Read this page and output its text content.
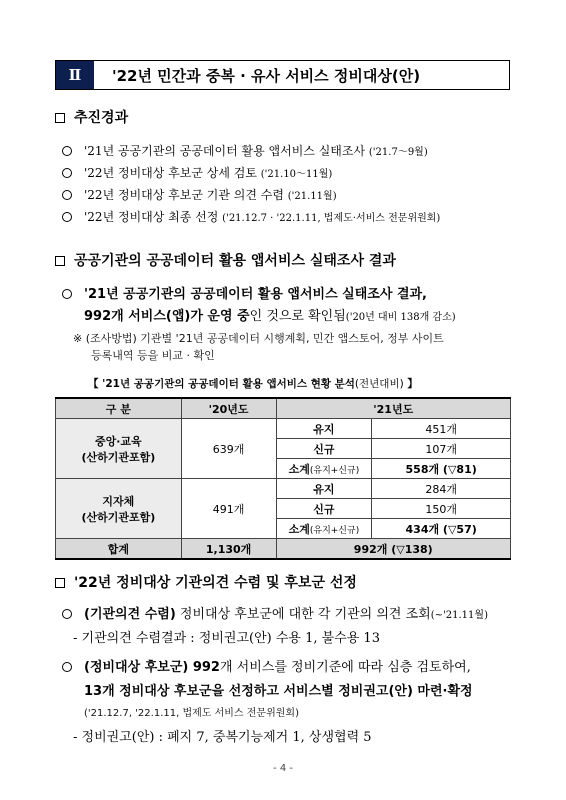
Ⅱ	'22년 민간과 중복 · 유사 서비스 정비대상(안)
추진경과
'21년 공공기관의 공공데이터 활용 앱서비스 실태조사 ('21.7～9월)
'22년 정비대상 후보군 상세 검토 ('21.10～11월)
'22년 정비대상 후보군 기관 의견 수렴 ('21.11월)
'22년 정비대상 최종 선정 ('21.12.7 · '22.1.11, 법제도·서비스 전문위원회)
공공기관의 공공데이터 활용 앱서비스 실태조사 결과
'21년 공공기관의 공공데이터 활용 앱서비스 실태조사 결과,
992개 서비스(앱)가 운영 중인 것으로 확인됨('20년 대비 138개 감소)
※ (조사방법) 기관별 '21년 공공데이터 시행계획, 민간 앱스토어, 정부 사이트
등록내역 등을 비교 · 확인
【 '21년 공공기관의 공공데이터 활용 앱서비스 현황 분석(전년대비) 】
구 분	'20년도	'21년도	

중앙·교육
(산하기관포함)	639개	유지	451개
		신규	107개
		소계(유지+신규)	558개 (▽81)

지자체
(산하기관포함)	491개	유지	284개
		신규	150개
		소계(유지+신규)	434개 (▽57)
합계	1,130개	992개 (▽138)	
'22년 정비대상 기관의견 수렴 및 후보군 선정
(기관의견 수렴) 정비대상 후보군에 대한 각 기관의 의견 조회(~'21.11월)
- 기관의견 수렴결과 : 정비권고(안) 수용 1, 불수용 13
(정비대상 후보군) 992개 서비스를 정비기준에 따라 심층 검토하여,
13개 정비대상 후보군을 선정하고 서비스별 정비권고(안) 마련·확정
('21.12.7, '22.1.11, 법제도 서비스 전문위원회)
- 정비권고(안) : 폐지 7, 중복기능제거 1, 상생협력 5
- 4 -
